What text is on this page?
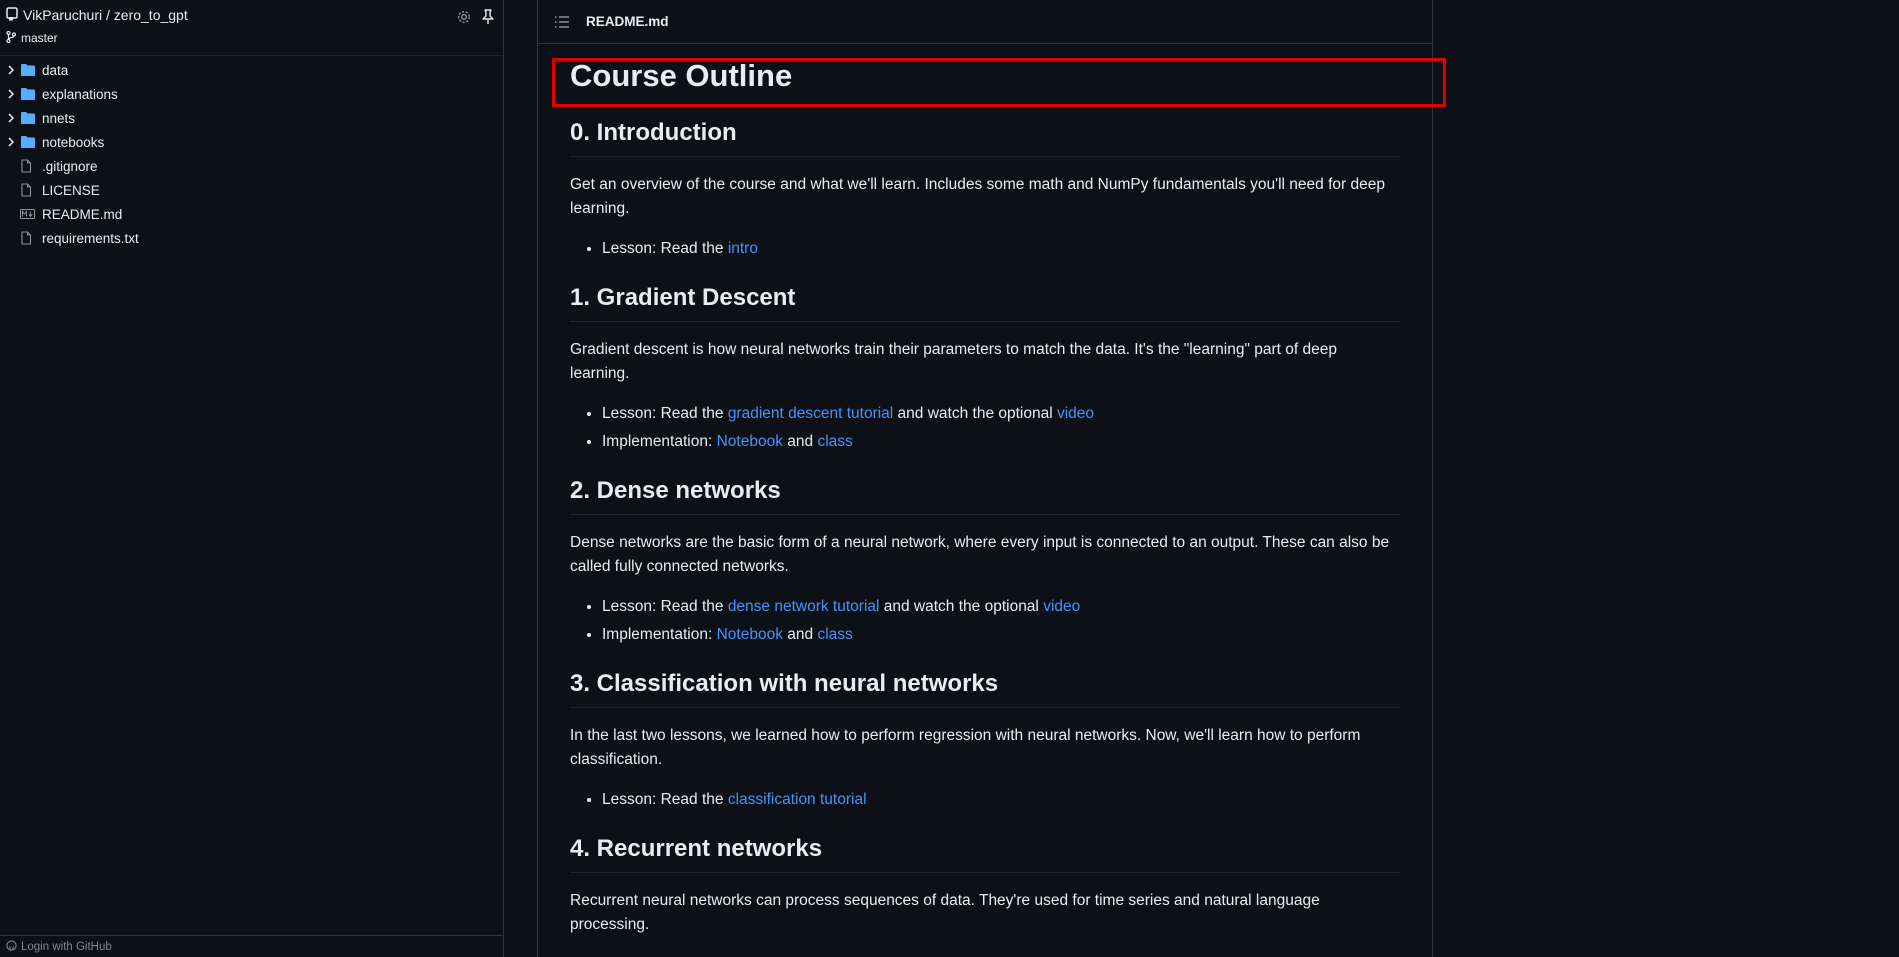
VikParuchuri / zero_to_gpt
master
data
explanations
nnets
notebooks
.gitignore
LICENSE
README.md
requirements.txt
Login with GitHub
README.md
Course Outline
0. Introduction

Get an overview of the course and what we'll learn. Includes some math and NumPy fundamentals you'll need for deep learning.

• Lesson: Read the intro
1. Gradient Descent

Gradient descent is how neural networks train their parameters to match the data. It's the "learning" part of deep learning.

• Lesson: Read the gradient descent tutorial and watch the optional video
• Implementation: Notebook and class
2. Dense networks

Dense networks are the basic form of a neural network, where every input is connected to an output. These can also be called fully connected networks.

• Lesson: Read the dense network tutorial and watch the optional video
• Implementation: Notebook and class
3. Classification with neural networks

In the last two lessons, we learned how to perform regression with neural networks. Now, we'll learn how to perform classification.

• Lesson: Read the classification tutorial
4. Recurrent networks

Recurrent neural networks can process sequences of data. They're used for time series and natural language processing.
